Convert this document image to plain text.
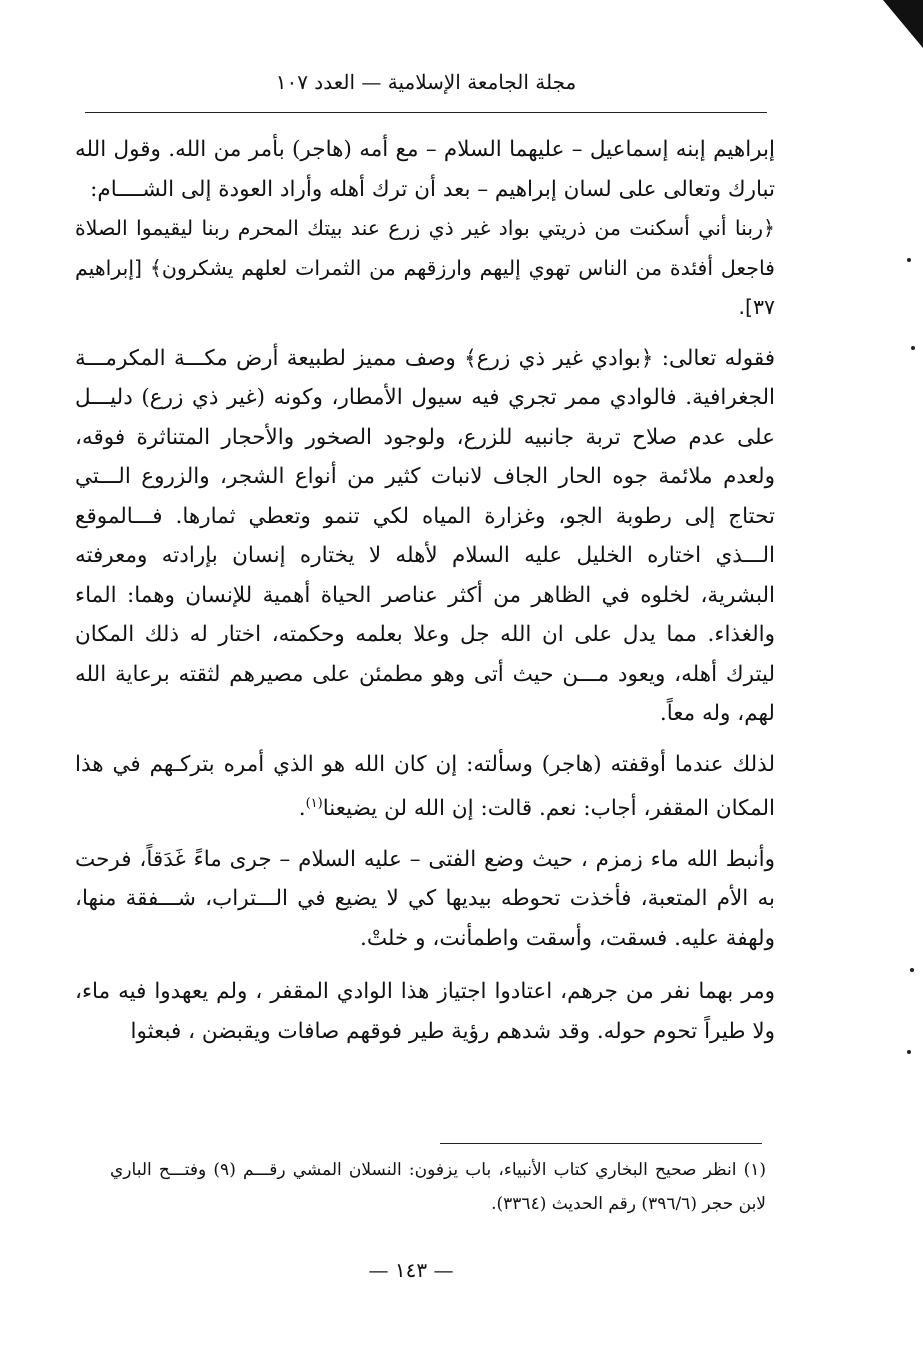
مجلة الجامعة الإسلامية — العدد ١٠٧

إبراهيم إبنه إسماعيل – عليهما السلام – مع أمه (هاجر) بأمر من الله. وقول الله تبارك وتعالى على لسان إبراهيم – بعد أن ترك أهله وأراد العودة إلى الشــــام:

﴿ربنا أني أسكنت من ذريتي بواد غير ذي زرع عند بيتك المحرم ربنا ليقيموا الصلاة فاجعل أفئدة من الناس تهوي إليهم وارزقهم من الثمرات لعلهم يشكرون﴾ [إبراهيم ٣٧].

فقوله تعالى: ﴿بوادي غير ذي زرع﴾ وصف مميز لطبيعة أرض مكـــة المكرمـــة الجغرافية. فالوادي ممر تجري فيه سيول الأمطار، وكونه (غير ذي زرع) دليـــل على عدم صلاح تربة جانبيه للزرع، ولوجود الصخور والأحجار المتناثرة فوقه، ولعدم ملائمة جوه الحار الجاف لانبات كثير من أنواع الشجر، والزروع الـــتي تحتاج إلى رطوبة الجو، وغزارة المياه لكي تنمو وتعطي ثمارها. فـــالموقع الـــذي اختاره الخليل عليه السلام لأهله لا يختاره إنسان بإرادته ومعرفته البشرية، لخلوه في الظاهر من أكثر عناصر الحياة أهمية للإنسان وهما: الماء والغذاء. مما يدل على ان الله جل وعلا بعلمه وحكمته، اختار له ذلك المكان ليترك أهله، ويعود مـــن حيث أتى وهو مطمئن على مصيرهم لثقته برعاية الله لهم، وله معاً.

لذلك عندما أوقفته (هاجر) وسألته: إن كان الله هو الذي أمره بتركـهم في هذا المكان المقفر، أجاب: نعم. قالت: إن الله لن يضيعنا$^{(١)}$.

وأنبط الله ماء زمزم ، حيث وضع الفتى – عليه السلام – جرى ماءً غَدَقاً، فرحت به الأم المتعبة، فأخذت تحوطه بيديها كي لا يضيع في الـــتراب، شـــفقة منها، ولهفة عليه. فسقت، وأسقت واطمأنت، و خلتْ.

ومر بهما نفر من جرهم، اعتادوا اجتياز هذا الوادي المقفر ، ولم يعهدوا فيه ماء، ولا طيراً تحوم حوله. وقد شدهم رؤية طير فوقهم صافات ويقبضن ، فبعثوا

(١) انظر صحيح البخاري كتاب الأنبياء، باب يزفون: النسلان المشي رقـــم (٩) وفتـــح الباري لابن حجر (٣٩٦/٦) رقم الحديث (٣٣٦٤).
— ١٤٣ —
